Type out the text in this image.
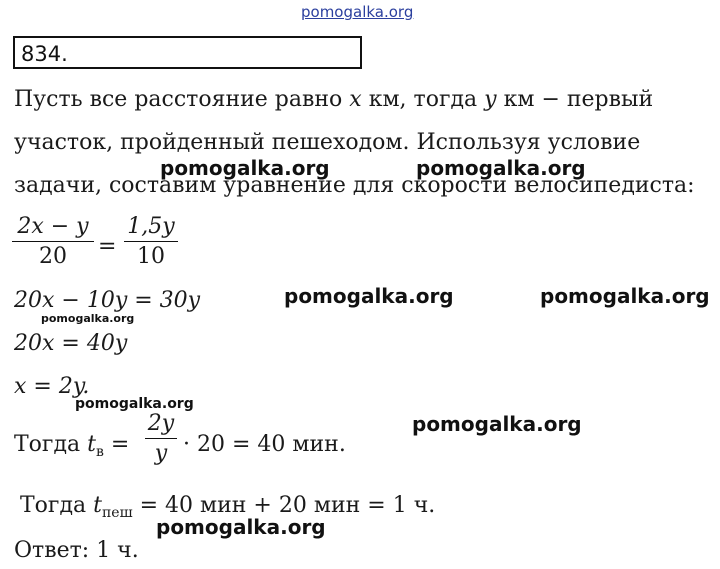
pomogalka.org
834.
Пусть все расстояние равно x км, тогда y км − первый
участок, пройденный пешеходом. Используя условие
задачи, составим уравнение для скорости велосипедиста:
2x − y
20	=
1,5y
10
20x − 10y = 30y
20x = 40y
x = 2y.
Тогда $t_в$ =
2y
y · 20 = 40 мин.
Тогда $t_{пеш} = 40$ мин + 20 мин = 1 ч.
Ответ: 1 ч.
pomogalka.org	pomogalka.org
pomogalka.org	pomogalka.org
pomogalka.org
pomogalka.org
pomogalka.org
pomogalka.org
